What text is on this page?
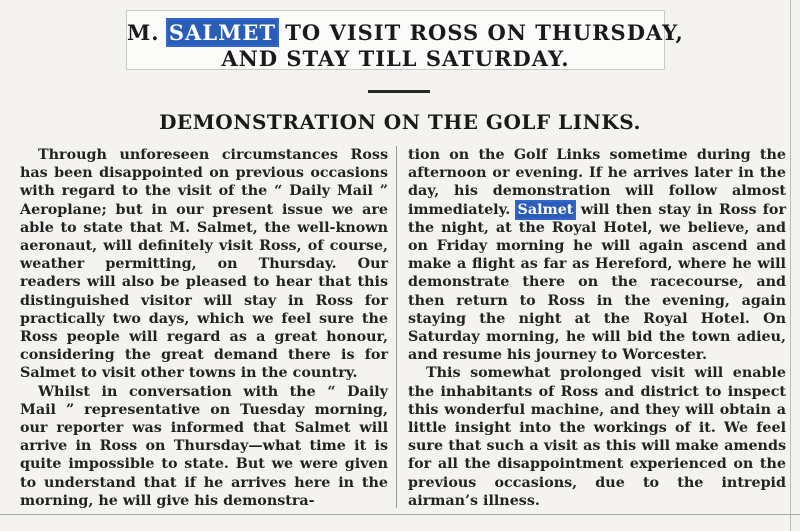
M. SALMET TO VISIT ROSS ON THURSDAY,
AND STAY TILL SATURDAY.
DEMONSTRATION ON THE GOLF LINKS.

Through unforeseen circumstances Ross has been disappointed on previous occasions with regard to the visit of the “ Daily Mail ” Aeroplane; but in our present issue we are able to state that M. Salmet, the well-known aeronaut, will definitely visit Ross, of course, weather permitting, on Thursday. Our readers will also be pleased to hear that this distinguished visitor will stay in Ross for practically two days, which we feel sure the Ross people will regard as a great honour, considering the great demand there is for Salmet to visit other towns in the country.

Whilst in conversation with the “ Daily Mail ” representative on Tuesday morning, our reporter was informed that Salmet will arrive in Ross on Thursday—what time it is quite impossible to state. But we were given to understand that if he arrives here in the morning, he will give his demonstra-

tion on the Golf Links sometime during the afternoon or evening. If he arrives later in the day, his demonstration will follow almost immediately. Salmet will then stay in Ross for the night, at the Royal Hotel, we believe, and on Friday morning he will again ascend and make a flight as far as Hereford, where he will demonstrate there on the racecourse, and then return to Ross in the evening, again staying the night at the Royal Hotel. On Saturday morning, he will bid the town adieu, and resume his journey to Worcester.

This somewhat prolonged visit will enable the inhabitants of Ross and district to inspect this wonderful machine, and they will obtain a little insight into the workings of it. We feel sure that such a visit as this will make amends for all the disappointment experienced on the previous occasions, due to the intrepid airman’s illness.
